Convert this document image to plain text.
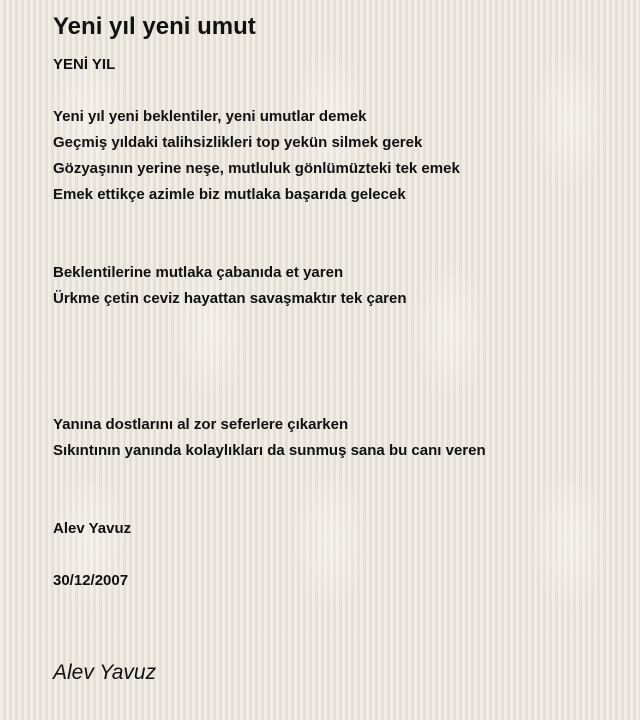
Yeni yıl yeni umut

YENİ YIL

Yeni yıl yeni beklentiler, yeni umutlar demek

Geçmiş yıldaki talihsizlikleri top yekün silmek gerek

Gözyaşının yerine neşe, mutluluk gönlümüzteki tek emek

Emek ettikçe azimle biz mutlaka başarıda gelecek

Beklentilerine mutlaka çabanıda et yaren

Ürkme çetin ceviz hayattan savaşmaktır tek çaren

Yanına dostlarını al zor seferlere çıkarken

Sıkıntının yanında kolaylıkları da sunmuş sana bu canı veren

Alev Yavuz

30/12/2007

Alev Yavuz
